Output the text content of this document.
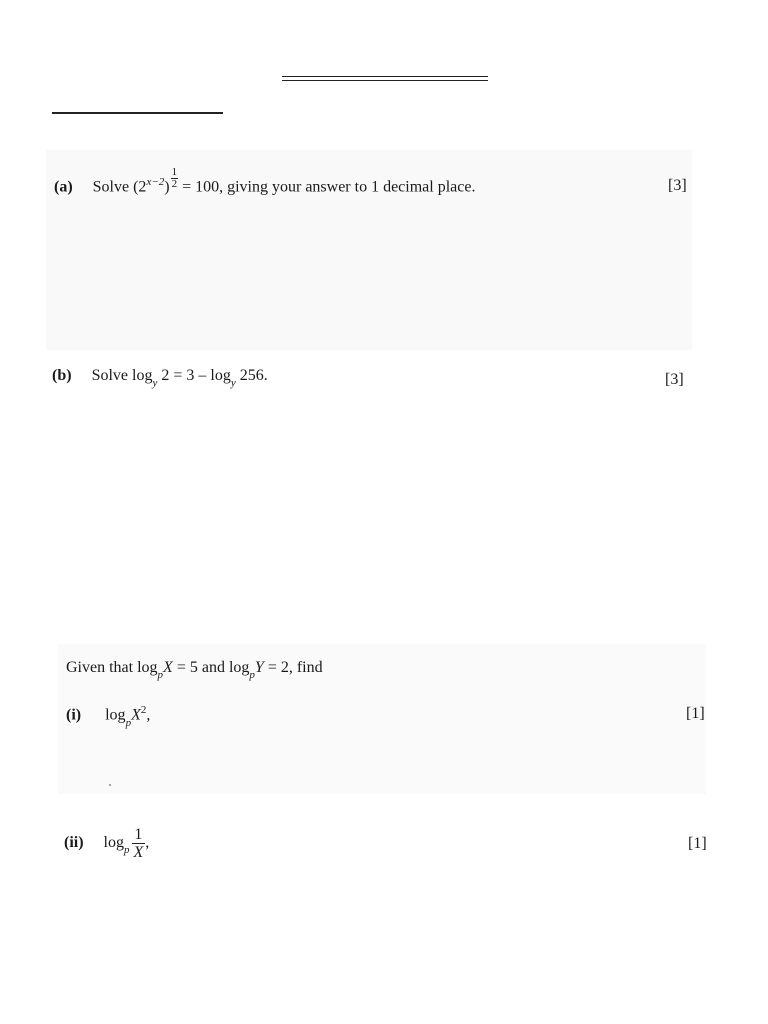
(a) Solve $(2^{x-2}) \frac{1}{2} = 100$, giving your answer to 1 decimal place.	[3]
(b) Solve $\log_y 2 = 3 - \log_y 256$.	[3]
Given that $\log_pX = 5$ and $\log_pY = 2$, find
(i) $\log_pX^2$,	[1]
(ii) $\log_p \frac{1}{X}$ ,	[1]
